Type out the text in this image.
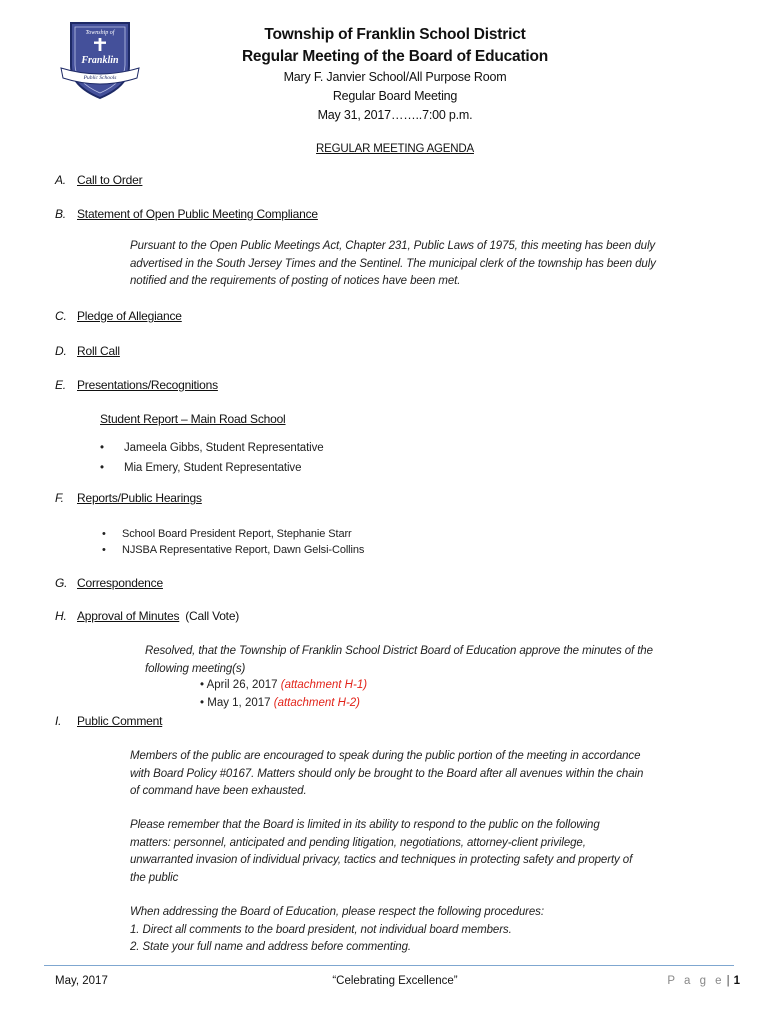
Township of
Franklin
Public Schools
Township of Franklin School District
Regular Meeting of the Board of Education
Mary F. Janvier School/All Purpose Room
Regular Board Meeting
May 31, 2017……..7:00 p.m.
REGULAR MEETING AGENDA
A. Call to Order
B. Statement of Open Public Meeting Compliance
Pursuant to the Open Public Meetings Act, Chapter 231, Public Laws of 1975, this meeting has been duly
advertised in the South Jersey Times and the Sentinel. The municipal clerk of the township has been duly
notified and the requirements of posting of notices have been met.
C. Pledge of Allegiance
D. Roll Call
E. Presentations/Recognitions
Student Report – Main Road School
• Jameela Gibbs, Student Representative
• Mia Emery, Student Representative
F. Reports/Public Hearings
• School Board President Report, Stephanie Starr
• NJSBA Representative Report, Dawn Gelsi-Collins
G. Correspondence
H. Approval of Minutes (Call Vote)
Resolved, that the Township of Franklin School District Board of Education approve the minutes of the
following meeting(s)
• April 26, 2017 (attachment H-1)
• May 1, 2017 (attachment H-2)
I. Public Comment
Members of the public are encouraged to speak during the public portion of the meeting in accordance
with Board Policy #0167. Matters should only be brought to the Board after all avenues within the chain
of command have been exhausted.
Please remember that the Board is limited in its ability to respond to the public on the following
matters: personnel, anticipated and pending litigation, negotiations, attorney-client privilege,
unwarranted invasion of individual privacy, tactics and techniques in protecting safety and property of
the public
When addressing the Board of Education, please respect the following procedures:
1. Direct all comments to the board president, not individual board members.
2. State your full name and address before commenting.
May, 2017	“Celebrating Excellence”	P a g e | 1
